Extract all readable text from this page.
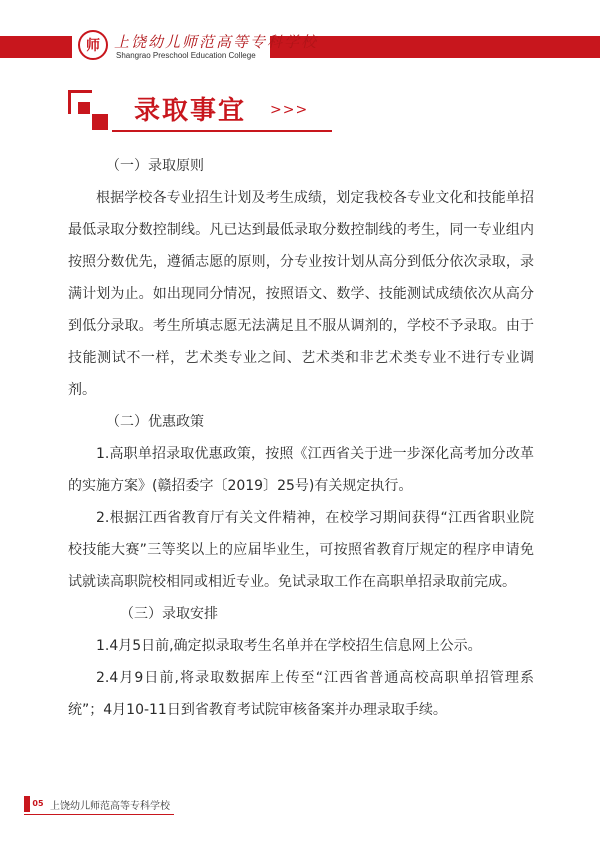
师 上饶幼儿师范高等专科学校
Shangrao Preschool Education College
录取事宜 >>>

（一）录取原则

根据学校各专业招生计划及考生成绩，划定我校各专业文化和技能单招最低录取分数控制线。凡已达到最低录取分数控制线的考生，同一专业组内按照分数优先，遵循志愿的原则，分专业按计划从高分到低分依次录取，录满计划为止。如出现同分情况，按照语文、数学、技能测试成绩依次从高分到低分录取。考生所填志愿无法满足且不服从调剂的，学校不予录取。由于技能测试不一样，艺术类专业之间、艺术类和非艺术类专业不进行专业调剂。

（二）优惠政策

1.高职单招录取优惠政策，按照《江西省关于进一步深化高考加分改革的实施方案》(赣招委字〔2019〕25号)有关规定执行。

2.根据江西省教育厅有关文件精神，在校学习期间获得“江西省职业院校技能大赛”三等奖以上的应届毕业生，可按照省教育厅规定的程序申请免试就读高职院校相同或相近专业。免试录取工作在高职单招录取前完成。

（三）录取安排

1.4月5日前,确定拟录取考生名单并在学校招生信息网上公示。

2.4月9日前,将录取数据库上传至“江西省普通高校高职单招管理系统”；4月10-11日到省教育考试院审核备案并办理录取手续。

05 上饶幼儿师范高等专科学校
